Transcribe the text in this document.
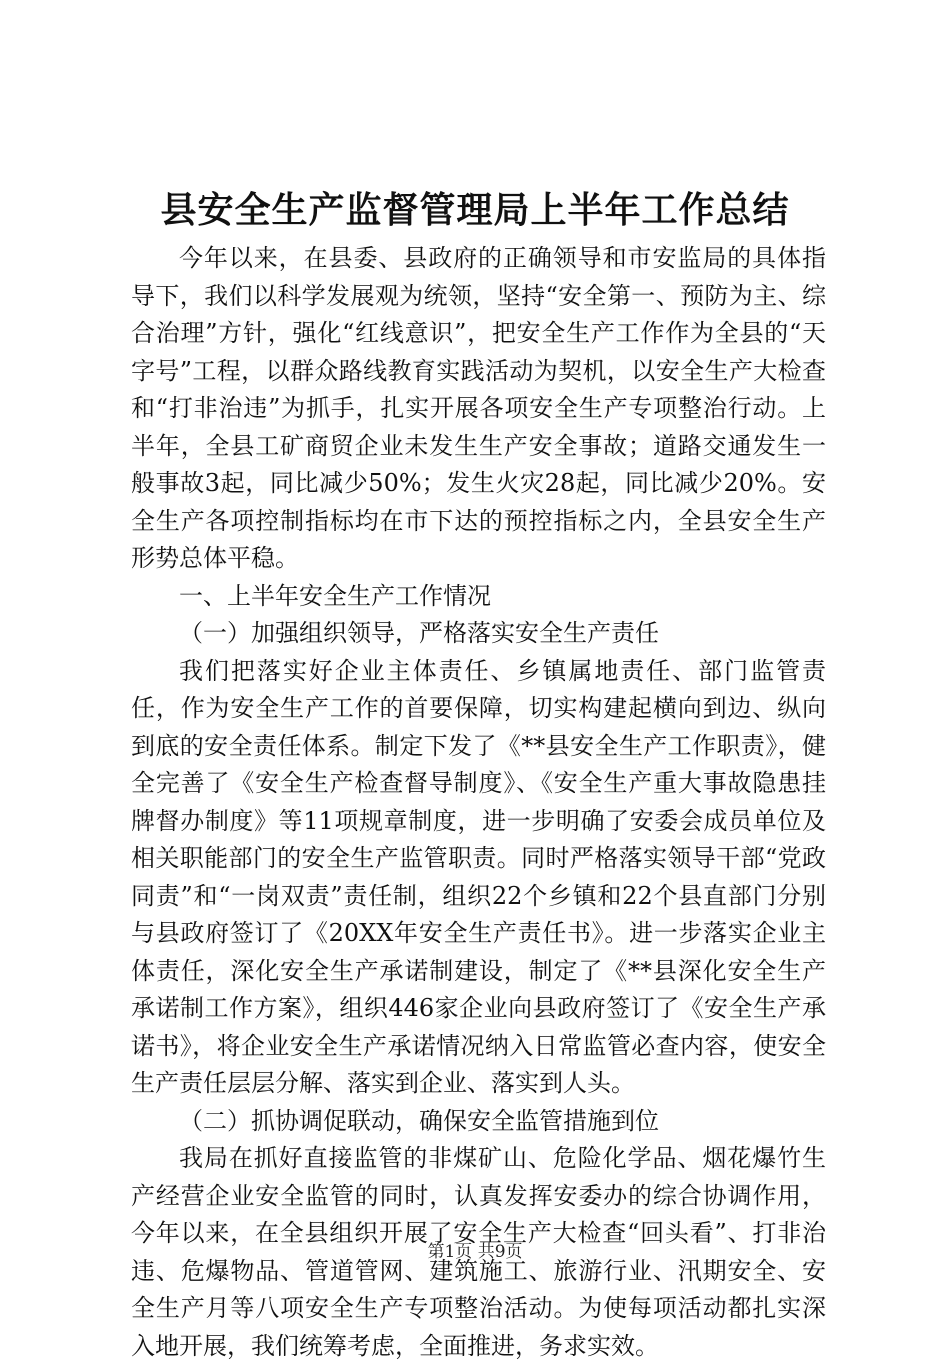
县安全生产监督管理局上半年工作总结

今年以来，在县委、县政府的正确领导和市安监局的具体指导下，我们以科学发展观为统领，坚持“安全第一、预防为主、综合治理”方针，强化“红线意识”，把安全生产工作作为全县的“天字号”工程，以群众路线教育实践活动为契机，以安全生产大检查和“打非治违”为抓手，扎实开展各项安全生产专项整治行动。上半年，全县工矿商贸企业未发生生产安全事故；道路交通发生一般事故3起，同比减少50%；发生火灾28起，同比减少20%。安全生产各项控制指标均在市下达的预控指标之内，全县安全生产形势总体平稳。

一、上半年安全生产工作情况

（一）加强组织领导，严格落实安全生产责任

我们把落实好企业主体责任、乡镇属地责任、部门监管责任，作为安全生产工作的首要保障，切实构建起横向到边、纵向到底的安全责任体系。制定下发了《**县安全生产工作职责》，健全完善了《安全生产检查督导制度》、《安全生产重大事故隐患挂牌督办制度》等11项规章制度，进一步明确了安委会成员单位及相关职能部门的安全生产监管职责。同时严格落实领导干部“党政同责”和“一岗双责”责任制，组织22个乡镇和22个县直部门分别与县政府签订了《20XX年安全生产责任书》。进一步落实企业主体责任，深化安全生产承诺制建设，制定了《**县深化安全生产承诺制工作方案》，组织446家企业向县政府签订了《安全生产承诺书》，将企业安全生产承诺情况纳入日常监管必查内容，使安全生产责任层层分解、落实到企业、落实到人头。

（二）抓协调促联动，确保安全监管措施到位

我局在抓好直接监管的非煤矿山、危险化学品、烟花爆竹生产经营企业安全监管的同时，认真发挥安委办的综合协调作用，今年以来，在全县组织开展了安全生产大检查“回头看”、打非治违、危爆物品、管道管网、建筑施工、旅游行业、汛期安全、安全生产月等八项安全生产专项整治活动。为使每项活动都扎实深入地开展，我们统筹考虑，全面推进，务求实效。

第1页 共9页
